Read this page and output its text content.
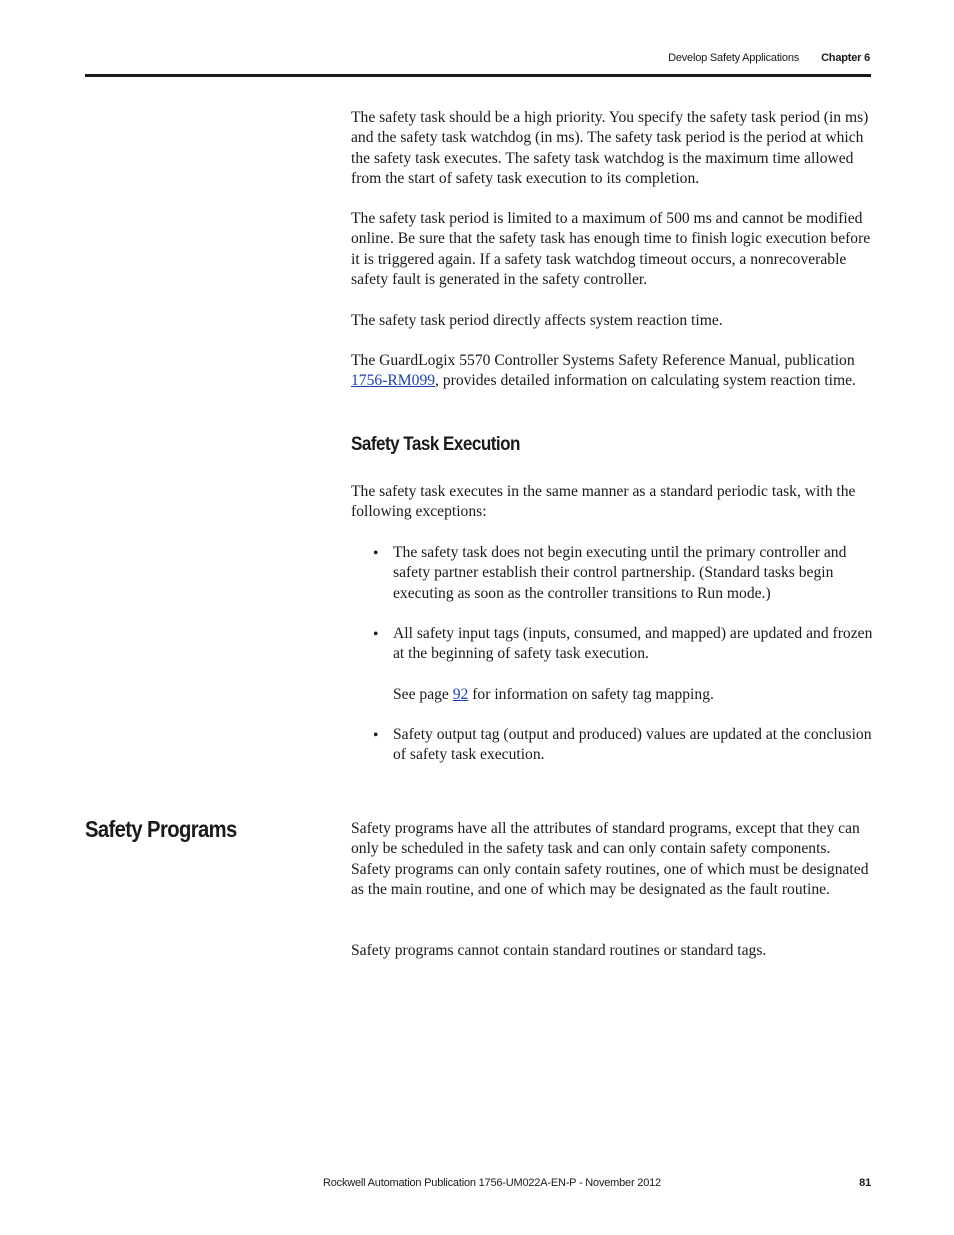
Develop Safety Applications Chapter 6

The safety task should be a high priority. You specify the safety task period (in ms) and the safety task watchdog (in ms). The safety task period is the period at which the safety task executes. The safety task watchdog is the maximum time allowed from the start of safety task execution to its completion.

The safety task period is limited to a maximum of 500 ms and cannot be modified online. Be sure that the safety task has enough time to finish logic execution before it is triggered again. If a safety task watchdog timeout occurs, a nonrecoverable safety fault is generated in the safety controller.

The safety task period directly affects system reaction time.

The GuardLogix 5570 Controller Systems Safety Reference Manual, publication 1756-RM099, provides detailed information on calculating system reaction time.

Safety Task Execution

The safety task executes in the same manner as a standard periodic task, with the following exceptions:

• The safety task does not begin executing until the primary controller and safety partner establish their control partnership. (Standard tasks begin executing as soon as the controller transitions to Run mode.)

• All safety input tags (inputs, consumed, and mapped) are updated and frozen at the beginning of safety task execution.

See page 92 for information on safety tag mapping.

• Safety output tag (output and produced) values are updated at the conclusion of safety task execution.

Safety Programs	Safety programs have all the attributes of standard programs, except that they can only be scheduled in the safety task and can only contain safety components. Safety programs can only contain safety routines, one of which must be designated as the main routine, and one of which may be designated as the fault routine.

Safety programs cannot contain standard routines or standard tags.

Rockwell Automation Publication 1756-UM022A-EN-P - November 2012	81
